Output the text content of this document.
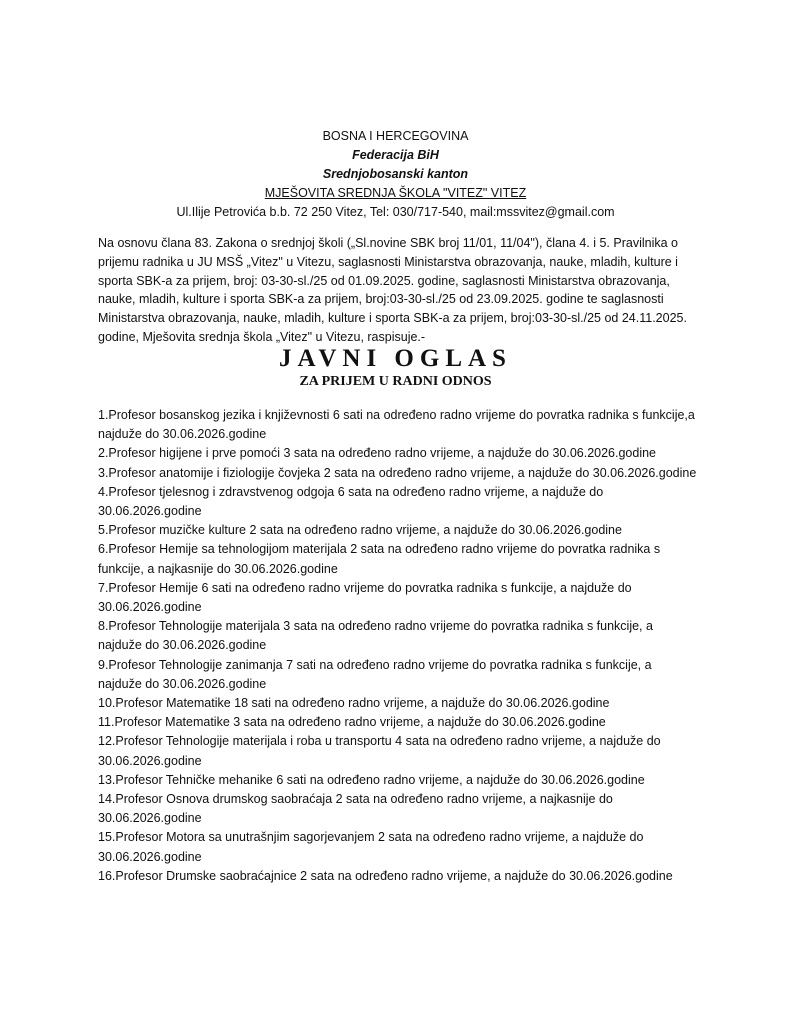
BOSNA I HERCEGOVINA
Federacija BiH
Srednjobosanski kanton
MJEŠOVITA SREDNJA ŠKOLA "VITEZ" VITEZ
Ul.Ilije Petrovića b.b. 72 250 Vitez, Tel: 030/717-540, mail:mssvitez@gmail.com
Na osnovu člana 83. Zakona o srednjoj školi („Sl.novine SBK broj 11/01, 11/04"), člana 4. i 5. Pravilnika o prijemu radnika u JU MSŠ „Vitez" u Vitezu, saglasnosti Ministarstva obrazovanja, nauke, mladih, kulture i sporta SBK-a za prijem, broj: 03-30-sl./25 od 01.09.2025. godine, saglasnosti Ministarstva obrazovanja, nauke, mladih, kulture i sporta SBK-a za prijem, broj:03-30-sl./25 od 23.09.2025. godine te saglasnosti Ministarstva obrazovanja, nauke, mladih, kulture i sporta SBK-a za prijem, broj:03-30-sl./25 od 24.11.2025. godine, Mješovita srednja škola „Vitez" u Vitezu, raspisuje.-
JAVNI OGLAS
ZA PRIJEM U RADNI ODNOS
1.Profesor bosanskog jezika i književnosti 6 sati na određeno radno vrijeme do povratka radnika s funkcije,a najduže do 30.06.2026.godine
2.Profesor higijene i prve pomoći 3 sata na određeno radno vrijeme, a najduže do 30.06.2026.godine
3.Profesor anatomije i fiziologije čovjeka 2 sata na određeno radno vrijeme, a najduže do 30.06.2026.godine
4.Profesor tjelesnog i zdravstvenog odgoja 6 sata na određeno radno vrijeme, a najduže do 30.06.2026.godine
5.Profesor muzičke kulture 2 sata na određeno radno vrijeme, a najduže do 30.06.2026.godine
6.Profesor Hemije sa tehnologijom materijala 2 sata na određeno radno vrijeme do povratka radnika s funkcije, a najkasnije do 30.06.2026.godine
7.Profesor Hemije 6 sati na određeno radno vrijeme do povratka radnika s funkcije, a najduže do 30.06.2026.godine
8.Profesor Tehnologije materijala 3 sata na određeno radno vrijeme do povratka radnika s funkcije, a najduže do 30.06.2026.godine
9.Profesor Tehnologije zanimanja 7 sati na određeno radno vrijeme do povratka radnika s funkcije, a najduže do 30.06.2026.godine
10.Profesor Matematike 18 sati na određeno radno vrijeme, a najduže do 30.06.2026.godine
11.Profesor Matematike 3 sata na određeno radno vrijeme, a najduže do 30.06.2026.godine
12.Profesor Tehnologije materijala i roba u transportu 4 sata na određeno radno vrijeme, a najduže do 30.06.2026.godine
13.Profesor Tehničke mehanike 6 sati na određeno radno vrijeme, a najduže do 30.06.2026.godine
14.Profesor Osnova drumskog saobraćaja 2 sata na određeno radno vrijeme, a najkasnije do 30.06.2026.godine
15.Profesor Motora sa unutrašnjim sagorjevanjem 2 sata na određeno radno vrijeme, a najduže do 30.06.2026.godine
16.Profesor Drumske saobraćajnice 2 sata na određeno radno vrijeme, a najduže do 30.06.2026.godine
